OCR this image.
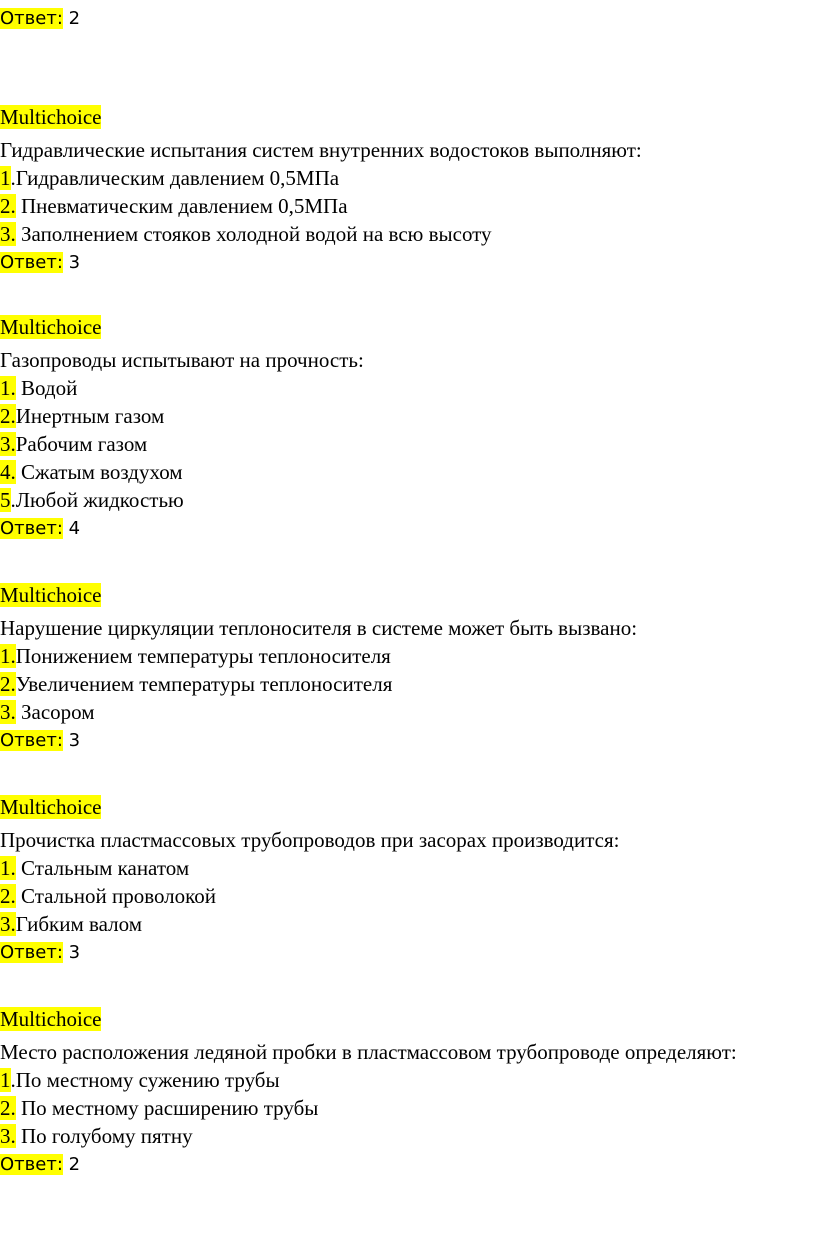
Ответ: 2
Multichoice
Гидравлические испытания систем внутренних водостоков выполняют:
1.Гидравлическим давлением 0,5МПа
2. Пневматическим давлением 0,5МПа
3. Заполнением стояков холодной водой на всю высоту
Ответ: 3
Multichoice
Газопроводы испытывают на прочность:
1. Водой
2.Инертным газом
3.Рабочим газом
4. Сжатым воздухом
5.Любой жидкостью
Ответ: 4
Multichoice
Нарушение циркуляции теплоносителя в системе может быть вызвано:
1.Понижением температуры теплоносителя
2.Увеличением температуры теплоносителя
3. Засором
Ответ: 3
Multichoice
Прочистка пластмассовых трубопроводов при засорах производится:
1. Стальным канатом
2. Стальной проволокой
3.Гибким валом
Ответ: 3
Multichoice
Место расположения ледяной пробки в пластмассовом трубопроводе определяют:
1.По местному сужению трубы
2. По местному расширению трубы
3. По голубому пятну
Ответ: 2
